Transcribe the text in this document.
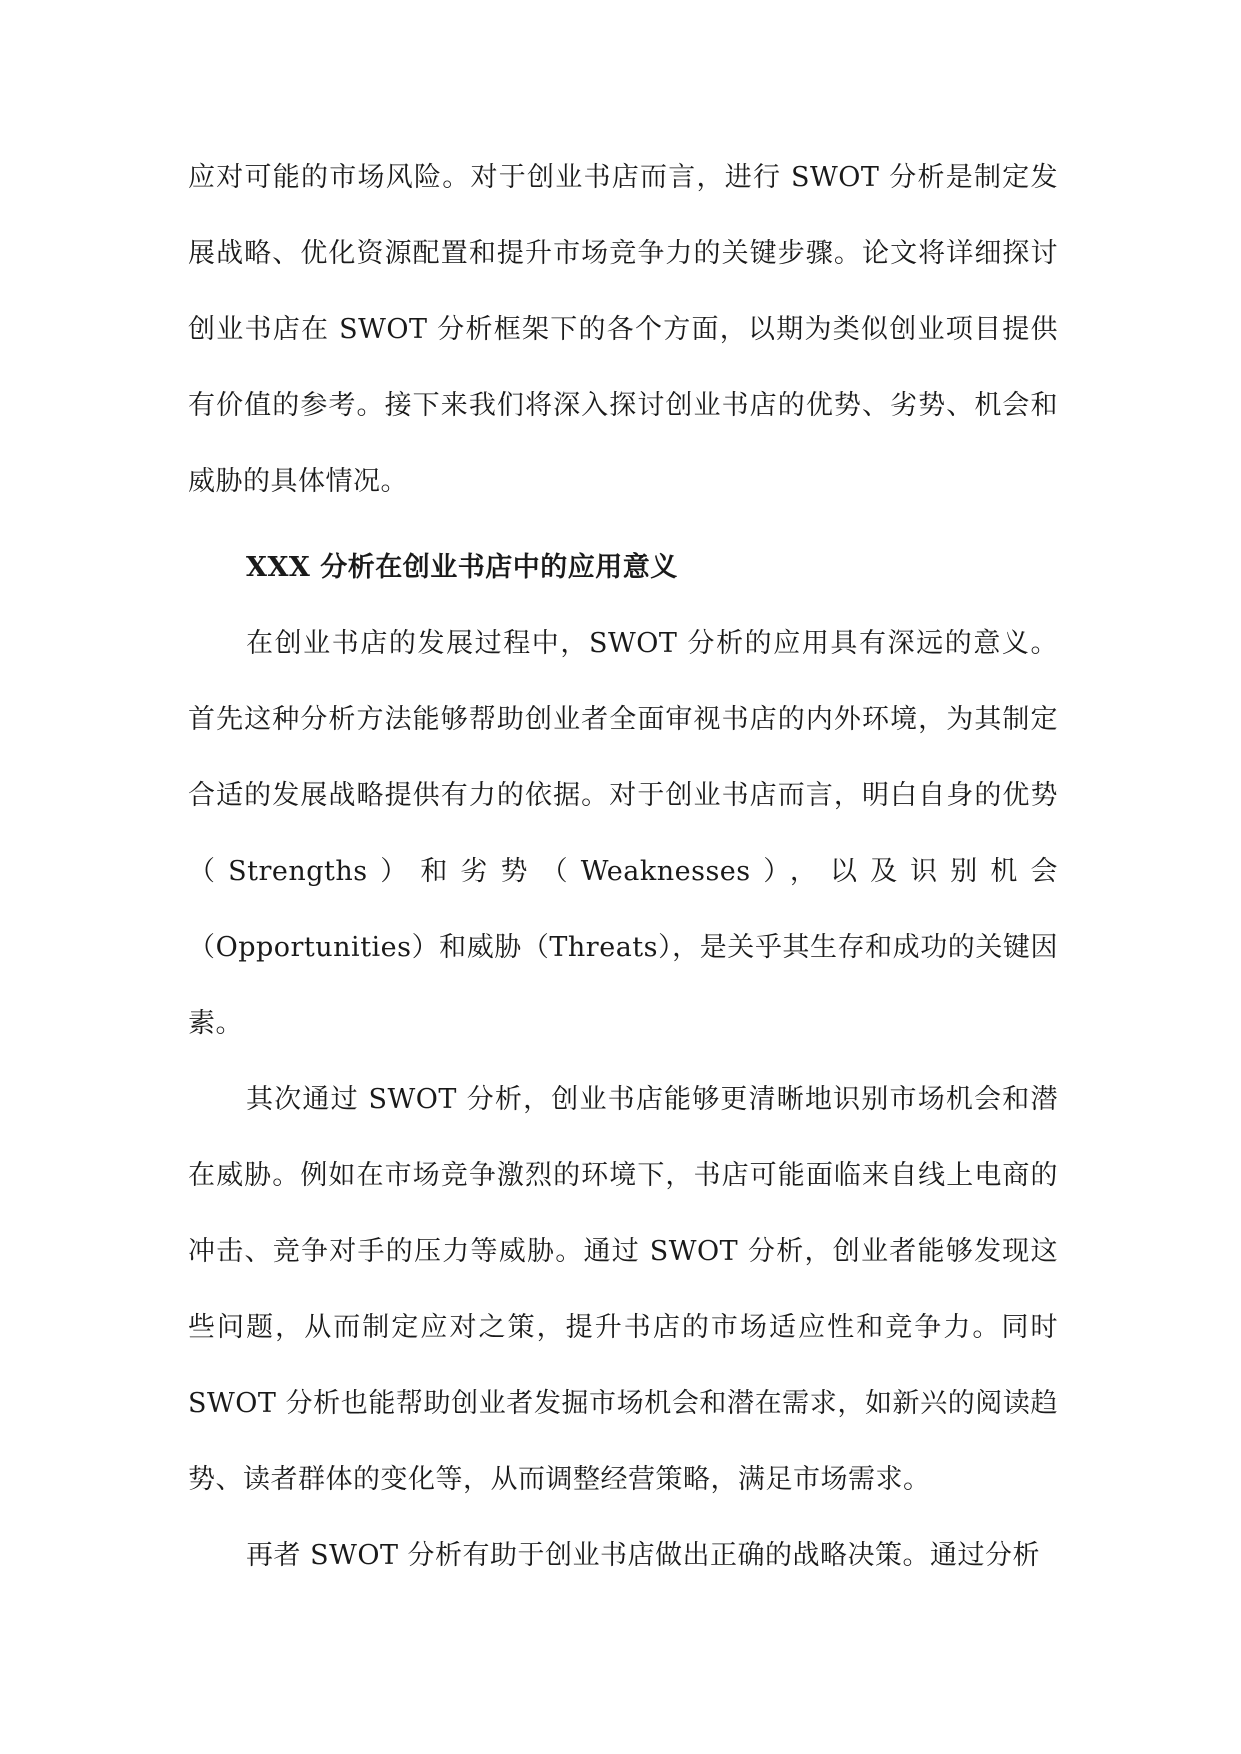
应对可能的市场风险。对于创业书店而言，进行 SWOT 分析是制定发展战略、优化资源配置和提升市场竞争力的关键步骤。论文将详细探讨创业书店在 SWOT 分析框架下的各个方面，以期为类似创业项目提供有价值的参考。接下来我们将深入探讨创业书店的优势、劣势、机会和威胁的具体情况。

XXX 分析在创业书店中的应用意义

在创业书店的发展过程中，SWOT 分析的应用具有深远的意义。首先这种分析方法能够帮助创业者全面审视书店的内外环境，为其制定合适的发展战略提供有力的依据。对于创业书店而言，明白自身的优势（Strengths）和劣势（Weaknesses），以及识别机会（Opportunities）和威胁（Threats），是关乎其生存和成功的关键因素。

其次通过 SWOT 分析，创业书店能够更清晰地识别市场机会和潜在威胁。例如在市场竞争激烈的环境下，书店可能面临来自线上电商的冲击、竞争对手的压力等威胁。通过 SWOT 分析，创业者能够发现这些问题，从而制定应对之策，提升书店的市场适应性和竞争力。同时 SWOT 分析也能帮助创业者发掘市场机会和潜在需求，如新兴的阅读趋势、读者群体的变化等，从而调整经营策略，满足市场需求。

再者 SWOT 分析有助于创业书店做出正确的战略决策。通过分析
